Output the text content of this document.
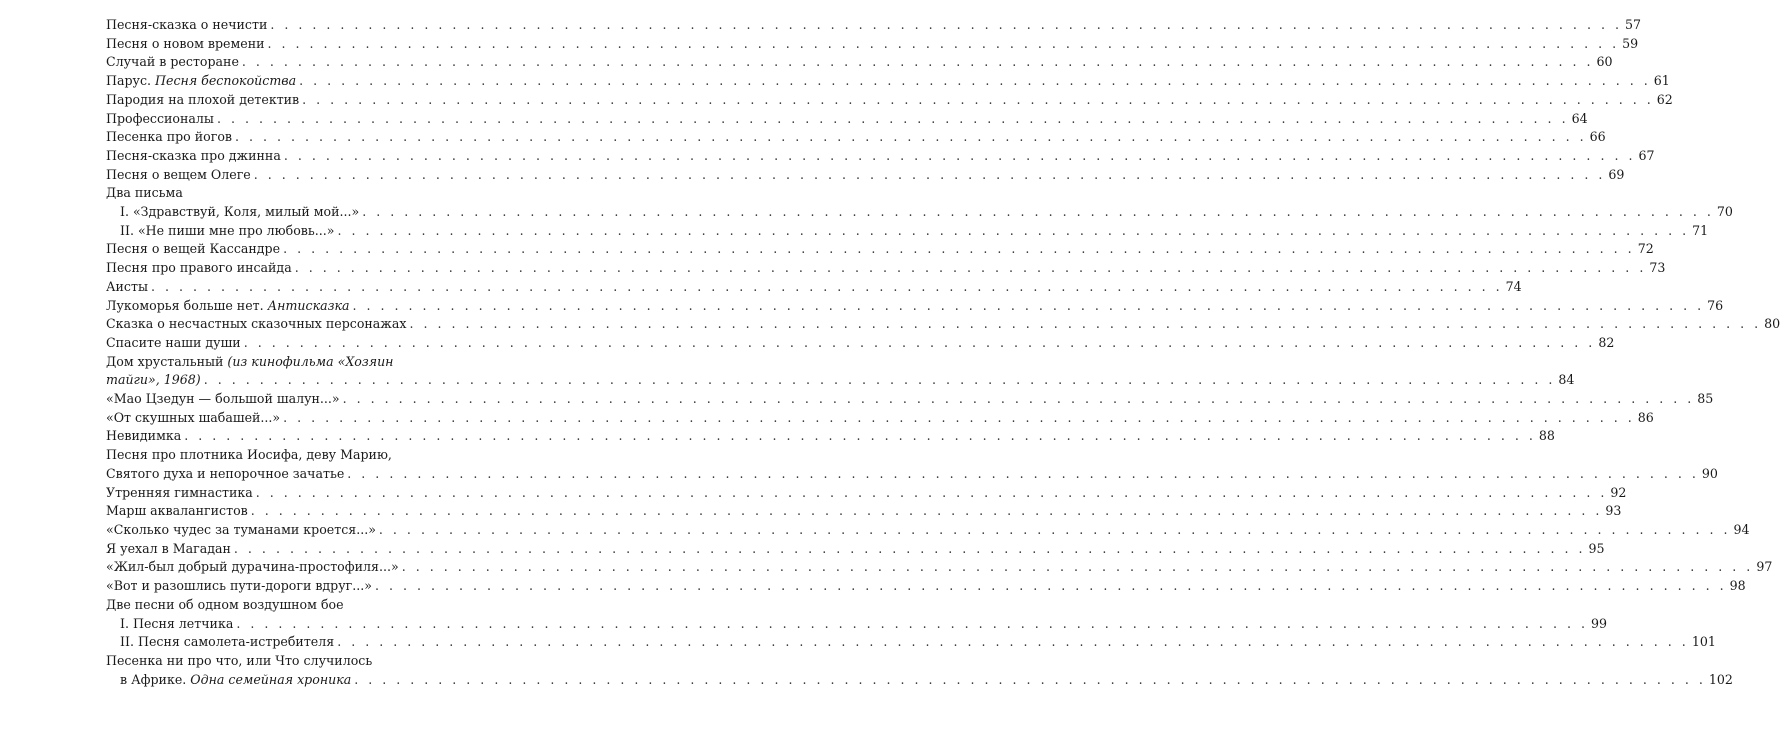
Песня-сказка о нечисти . . .	57
Песня о новом времени . . .	59
Случай в ресторане . . .	60
Парус. Песня беспокойства . . .	61
Пародия на плохой детектив . . .	62
Профессионалы . . .	64
Песенка про йогов . . .	66
Песня-сказка про джинна . . .	67
Песня о вещем Олеге . . .	69
Два письма
I. «Здравствуй, Коля, милый мой...» . . .	70
II. «Не пиши мне про любовь...» . . .	71
Песня о вещей Кассандре . . .	72
Песня про правого инсайда . . .	73
Аисты . . .	74
Лукоморья больше нет. Антисказка . . .	76
Сказка о несчастных сказочных персонажах . . .	80
Спасите наши души . . .	82
Дом хрустальный (из кинофильма «Хозяин
тайги», 1968) . . .	84
«Мао Цзедун — большой шалун...» . . .	85
«От скушных шабашей...» . . .	86
Невидимка . . .	88
Песня про плотника Иосифа, деву Марию,
Святого духа и непорочное зачатье . . .	90
Утренняя гимнастика . . .	92
Марш аквалангистов . . .	93
«Сколько чудес за туманами кроется...» . . .	94
Я уехал в Магадан . . .	95
«Жил-был добрый дурачина-простофиля...» . . .	97
«Вот и разошлись пути-дороги вдруг...» . . .	98
Две песни об одном воздушном бое
I. Песня летчика . . .	99
II. Песня самолета-истребителя . . .	101
Песенка ни про что, или Что случилось
в Африке. Одна семейная хроника . . .	102
